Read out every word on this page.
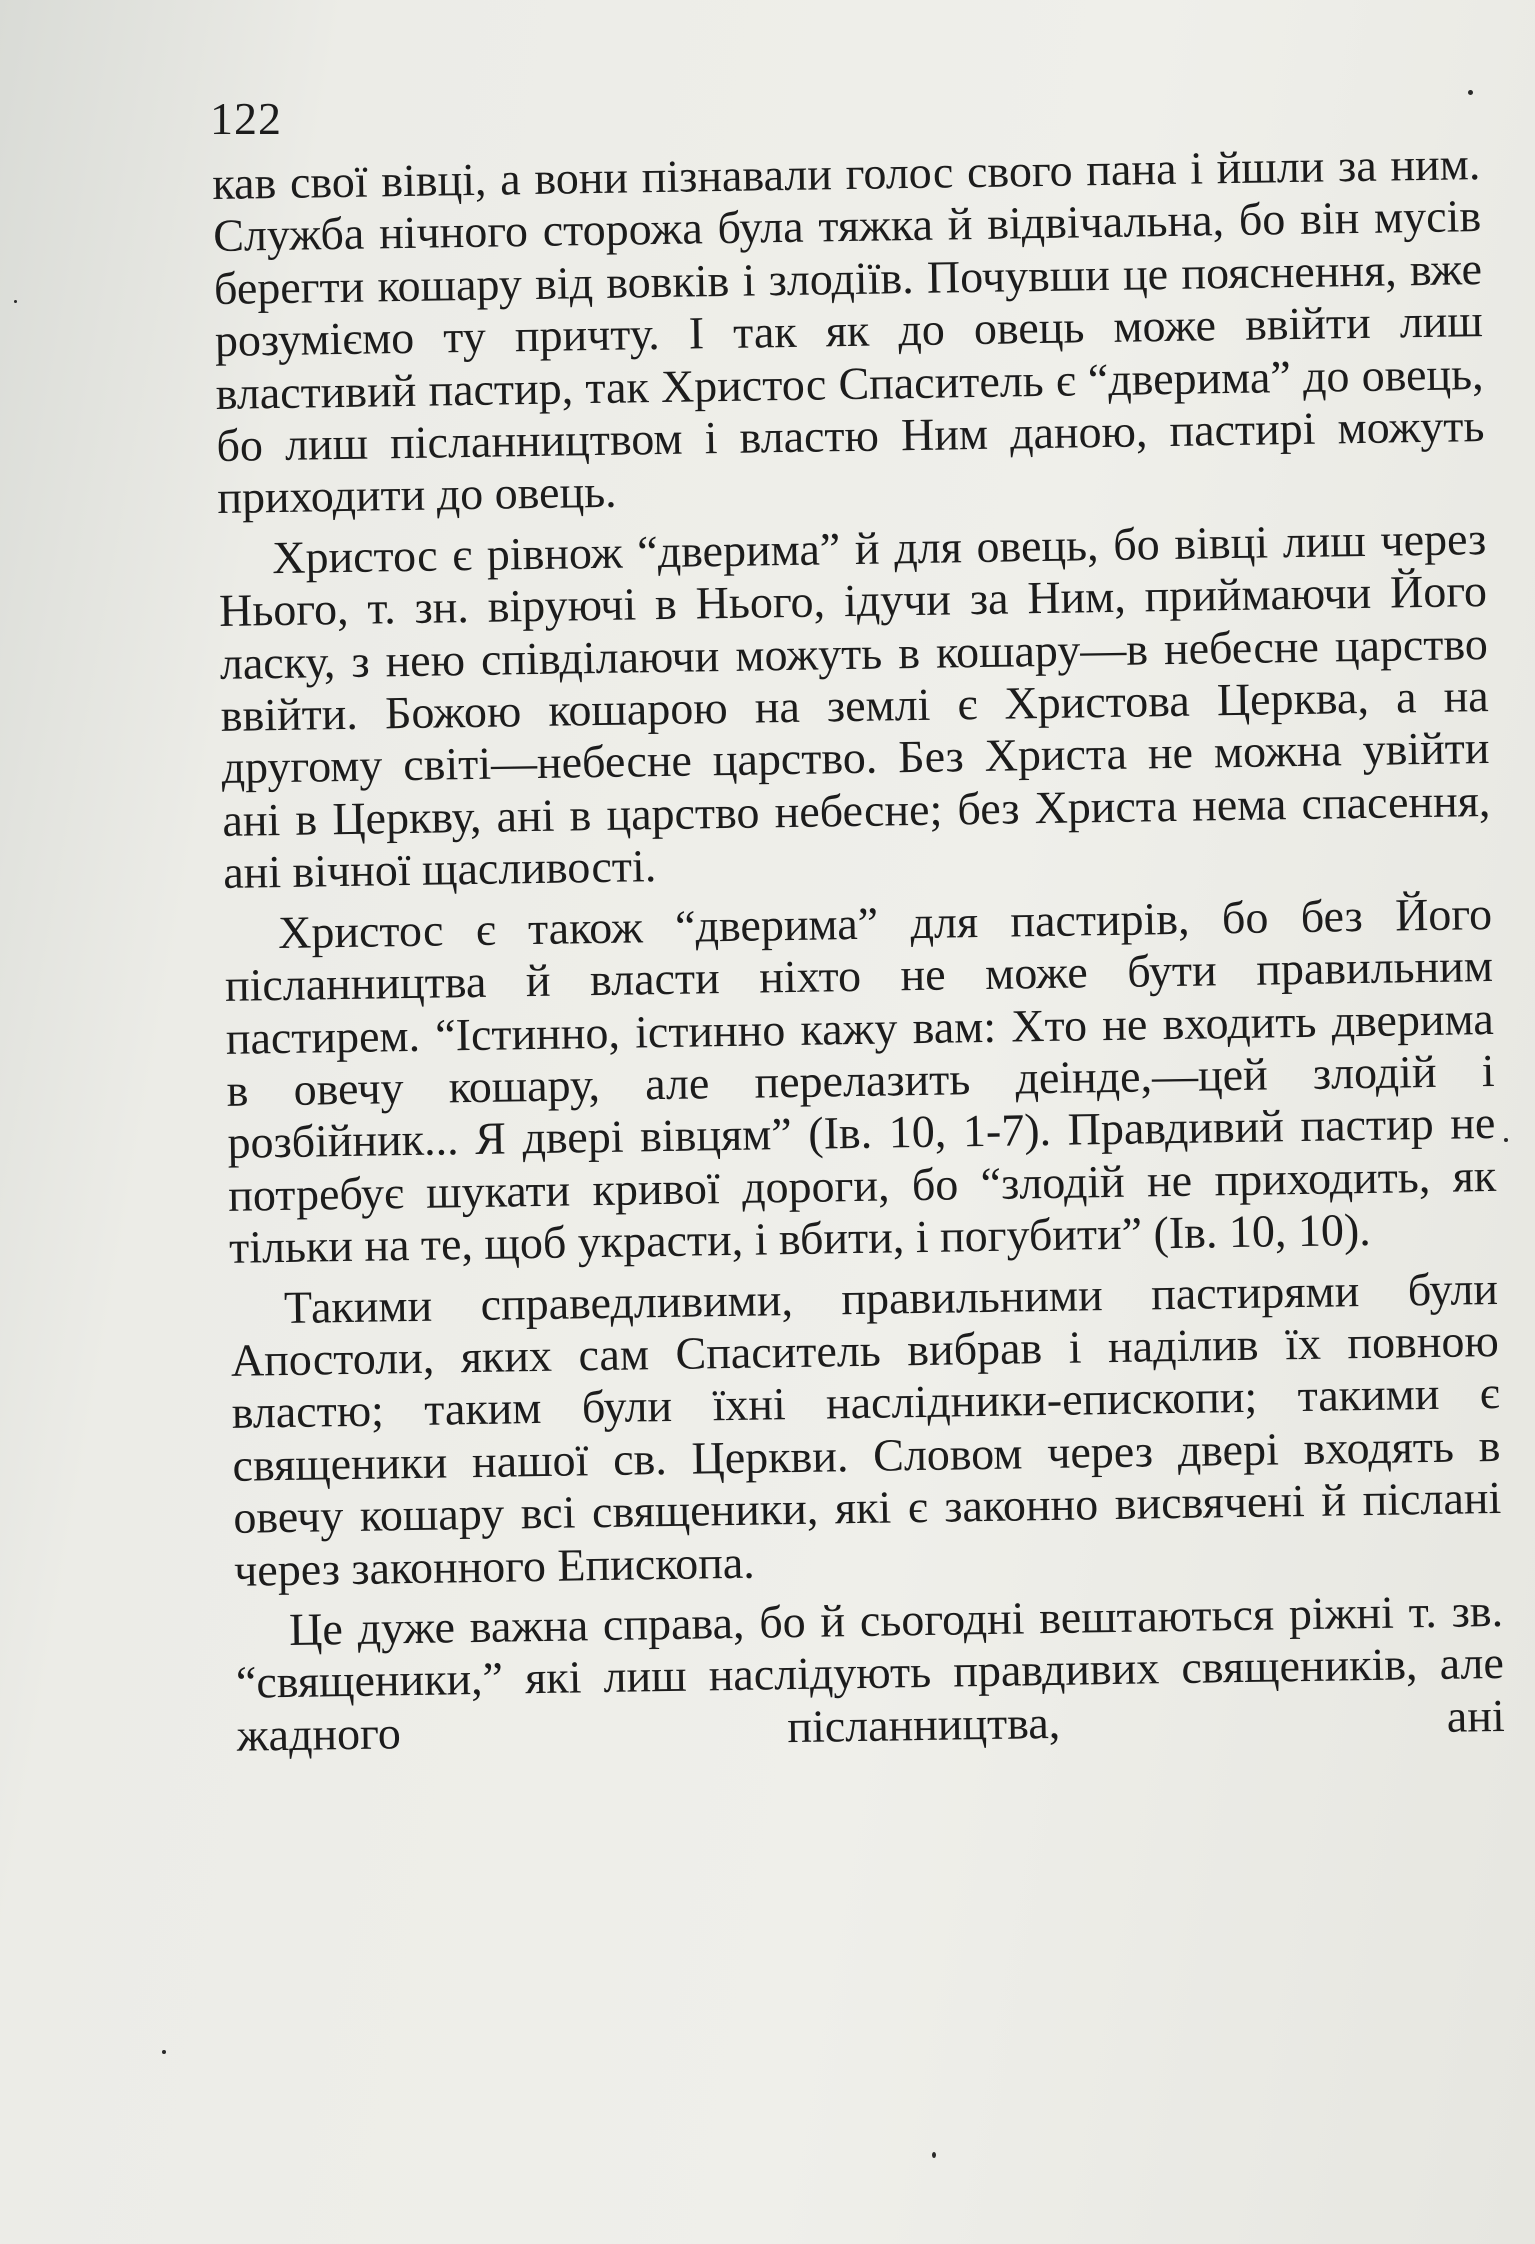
122

кав свої вівці, а вони пізнавали голос свого пана і йшли за ним. Служба нічного сторожа була тяжка й відвічальна, бо він мусів берегти кошару від вовків і злодіїв. Почувши це пояснення, вже розуміємо ту причту. І так як до овець може ввійти лиш властивий пастир, так Христос Спаситель є “дверима” до овець, бо лиш післанництвом і властю Ним даною, пастирі можуть приходити до овець.

Христос є рівнож “дверима” й для овець, бо вівці лиш через Нього, т. зн. віруючі в Нього, ідучи за Ним, приймаючи Його ласку, з нею співділаючи можуть в кошару—в небесне царство ввійти. Божою кошарою на землі є Христова Церква, а на другому світі—небесне царство. Без Христа не можна увійти ані в Церкву, ані в царство небесне; без Христа нема спасення, ані вічної щасливості.

Христос є також “дверима” для пастирів, бо без Його післанництва й власти ніхто не може бути правильним пастирем. “Істинно, істинно кажу вам: Хто не входить дверима в овечу кошару, але перелазить деінде,—цей злодій і розбійник... Я двері вівцям” (Ів. 10, 1-7). Правдивий пастир не потребує шукати кривої дороги, бо “злодій не приходить, як тільки на те, щоб украсти, і вбити, і погубити” (Ів. 10, 10).

Такими справедливими, правильними пастирями були Апостоли, яких сам Спаситель вибрав і наділив їх повною властю; таким були їхні наслідники-епископи; такими є священики нашої св. Церкви. Словом через двері входять в овечу кошару всі священики, які є законно висвячені й післані через законного Епископа.

Це дуже важна справа, бо й сьогодні вештаються ріжні т. зв. “священики,” які лиш наслідують правдивих священиків, але жадного післанництва, ані
